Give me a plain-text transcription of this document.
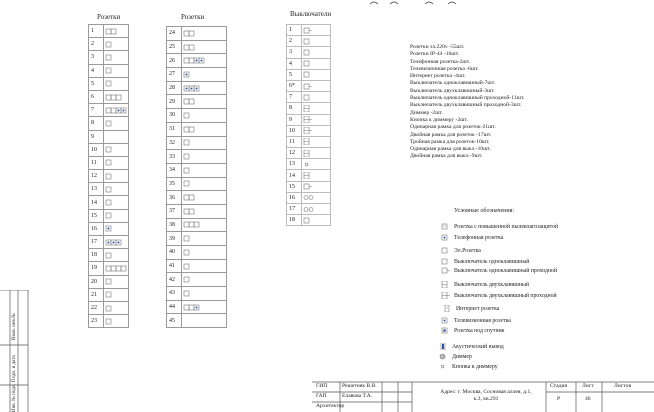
Розетки	Розетки	Выключатели
1	

2	

3	

4	

5	

6	

7	

8	

9	
10	

11	

12	

13	

14	

15	

16	

17	

18	

19	

20	

21	

22	

23	
24	

25	

26	

27	

28	

29	

30	

31	

32	

33	

34	

35	

36	

37	

38	

39	

40	

41	

42	

43	

44	

45	
1	

2	

3	

4	

5	

6*	

7	

8	

9	

10	

11	

12	

13	

14	

15	

16	

17	

18	
Розетки эл.220v -55шт.
Розетки IP-44 -16шт.
Телефонная розетка-2шт.
Телевизионная розетка -6шт.
Интернет розетка -4шт.
Выключатель одноклавишный-7шт.
Выключатель двухклавишный-3шт.
Выключатель одноклавишный проходной-11шт.
Выключатель двухклавишный проходной-3шт.
Диммер -2шт.
Кнопка к диммеру -2шт.
Одинарная рамка для розеток-21шт.
Двойная рамка для розеток -17шт.
Тройная рамка для розеток-10шт.
Одинарная рамка для выкл.-10шт.
Двойная рамка для выкл.-9шт.
Условные обозначения:
Розетка с повышенной пылевлагозащитой
Телефонная розетка
Эл.Розетка
Выключатель одноклавишный
Выключатель одноклавишный проходной
Выключатель двухклавишный
Выключатель двухклавишный проходной
Интернет розетка
Телевизионная розетка
Розетка под спутник
Акустический вывод
Диммер
Кнопка к диммеру
ГИП
ГАП
Архитектор
Решетняк В.В.
Елавова Т.А.
Адрес: г. Москва, Сосновая аллея, д.1, к.3, кв.291
Стадия	Лист	Листов
Р	46
Взам. инв.№
Подп. и дата
Инв. № подл.
